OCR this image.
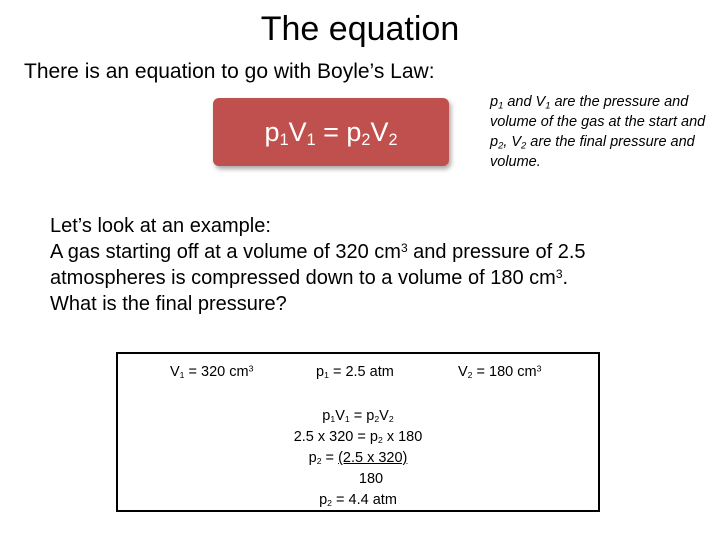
The equation
There is an equation to go with Boyle’s Law:
$p_1V_1 = p_2V_2$
$p_1$ and $V_1$ are the pressure and volume of the gas at the start and $p_2$, $V_2$ are the final pressure and volume.
Let’s look at an example:
A gas starting off at a volume of 320 $cm^3$ and pressure of 2.5
atmospheres is compressed down to a volume of 180 $cm^3$.
What is the final pressure?
$V_1 = 320$ $cm^3$	$p_1 = 2.5$ atm	$V_2 = 180$ $cm^3$
$p_1V_1 = p_2V_2$
2.5 x $320 = p_2$ x 180
$p_2 = (2.5$ x 320)
180
$p_2 = 4.4$ atm
